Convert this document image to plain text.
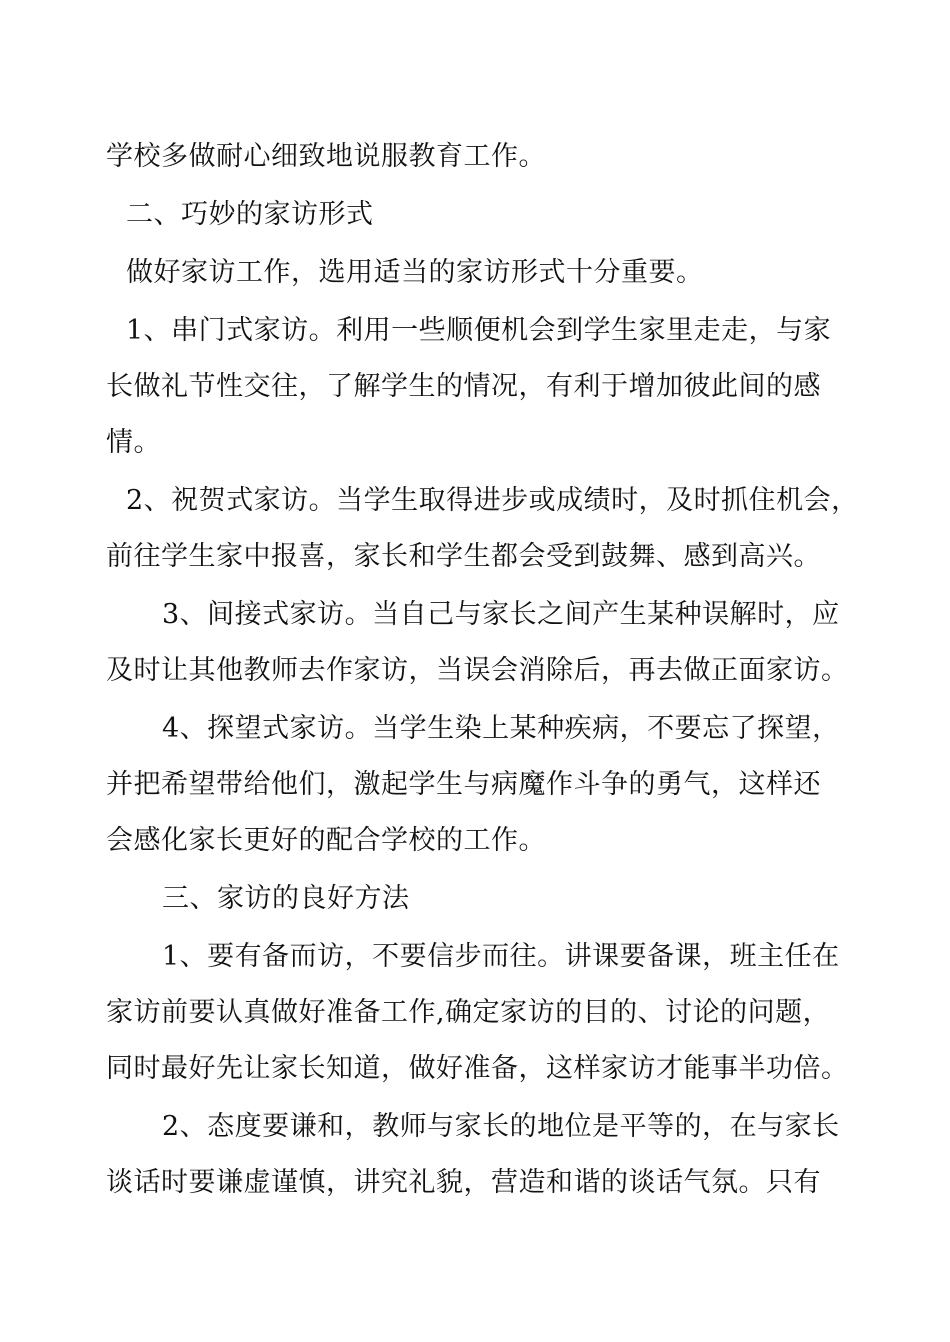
学校多做耐心细致地说服教育工作。
二、巧妙的家访形式
做好家访工作，选用适当的家访形式十分重要。
1、串门式家访。利用一些顺便机会到学生家里走走，与家
长做礼节性交往，了解学生的情况，有利于增加彼此间的感
情。
2、祝贺式家访。当学生取得进步或成绩时，及时抓住机会，
前往学生家中报喜，家长和学生都会受到鼓舞、感到高兴。
3、间接式家访。当自己与家长之间产生某种误解时，应
及时让其他教师去作家访，当误会消除后，再去做正面家访。
4、探望式家访。当学生染上某种疾病，不要忘了探望，
并把希望带给他们，激起学生与病魔作斗争的勇气，这样还
会感化家长更好的配合学校的工作。
三、家访的良好方法
1、要有备而访，不要信步而往。讲课要备课，班主任在
家访前要认真做好准备工作,确定家访的目的、讨论的问题，
同时最好先让家长知道，做好准备，这样家访才能事半功倍。
2、态度要谦和，教师与家长的地位是平等的，在与家长
谈话时要谦虚谨慎，讲究礼貌，营造和谐的谈话气氛。只有
